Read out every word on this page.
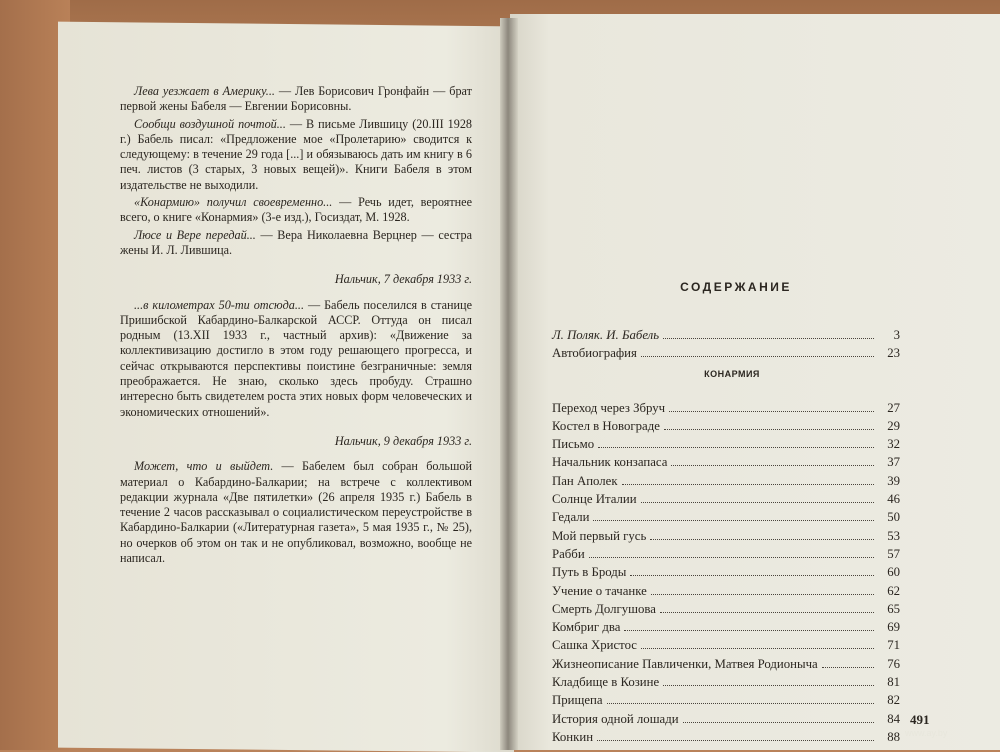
Лева уезжает в Америку... — Лев Борисович Гронфайн — брат первой жены Бабеля — Евгении Борисовны.

Сообщи воздушной почтой... — В письме Лившицу (20.III 1928 г.) Бабель писал: «Предложение мое «Пролетарию» сводится к следующему: в течение 29 года [...] и обязываюсь дать им книгу в 6 печ. листов (3 старых, 3 новых вещей)». Книги Бабеля в этом издательстве не выходили.

«Конармию» получил своевременно... — Речь идет, вероятнее всего, о книге «Конармия» (3-е изд.), Госиздат, М. 1928.

Люсе и Вере передай... — Вера Николаевна Верцнер — сестра жены И. Л. Лившица.

Нальчик, 7 декабря 1933 г.

...в километрах 50-ти отсюда... — Бабель поселился в станице Пришибской Кабардино-Балкарской АССР. Оттуда он писал родным (13.XII 1933 г., частный архив): «Движение за коллективизацию достигло в этом году решающего прогресса, и сейчас открываются перспективы поистине безграничные: земля преображается. Не знаю, сколько здесь пробуду. Страшно интересно быть свидетелем роста этих новых форм человеческих и экономических отношений».

Нальчик, 9 декабря 1933 г.

Может, что и выйдет. — Бабелем был собран большой материал о Кабардино-Балкарии; на встрече с коллективом редакции журнала «Две пятилетки» (26 апреля 1935 г.) Бабель в течение 2 часов рассказывал о социалистическом переустройстве в Кабардино-Балкарии («Литературная газета», 5 мая 1935 г., № 25), но очерков об этом он так и не опубликовал, возможно, вообще не написал.

СОДЕРЖАНИЕ
Л. Поляк. И. Бабель	3
Автобиография	23
КОНАРМИЯ
Переход через Збруч	27
Костел в Новограде	29
Письмо	32
Начальник конзапаса	37
Пан Аполек	39
Солнце Италии	46
Гедали	50
Мой первый гусь	53
Рабби	57
Путь в Броды	60
Учение о тачанке	62
Смерть Долгушова	65
Комбриг два	69
Сашка Христос	71
Жизнеописание Павличенки, Матвея Родионыча	76
Кладбище в Козине	81
Прищепа	82
История одной лошади	84
Конкин	88
491
www.ay.by
